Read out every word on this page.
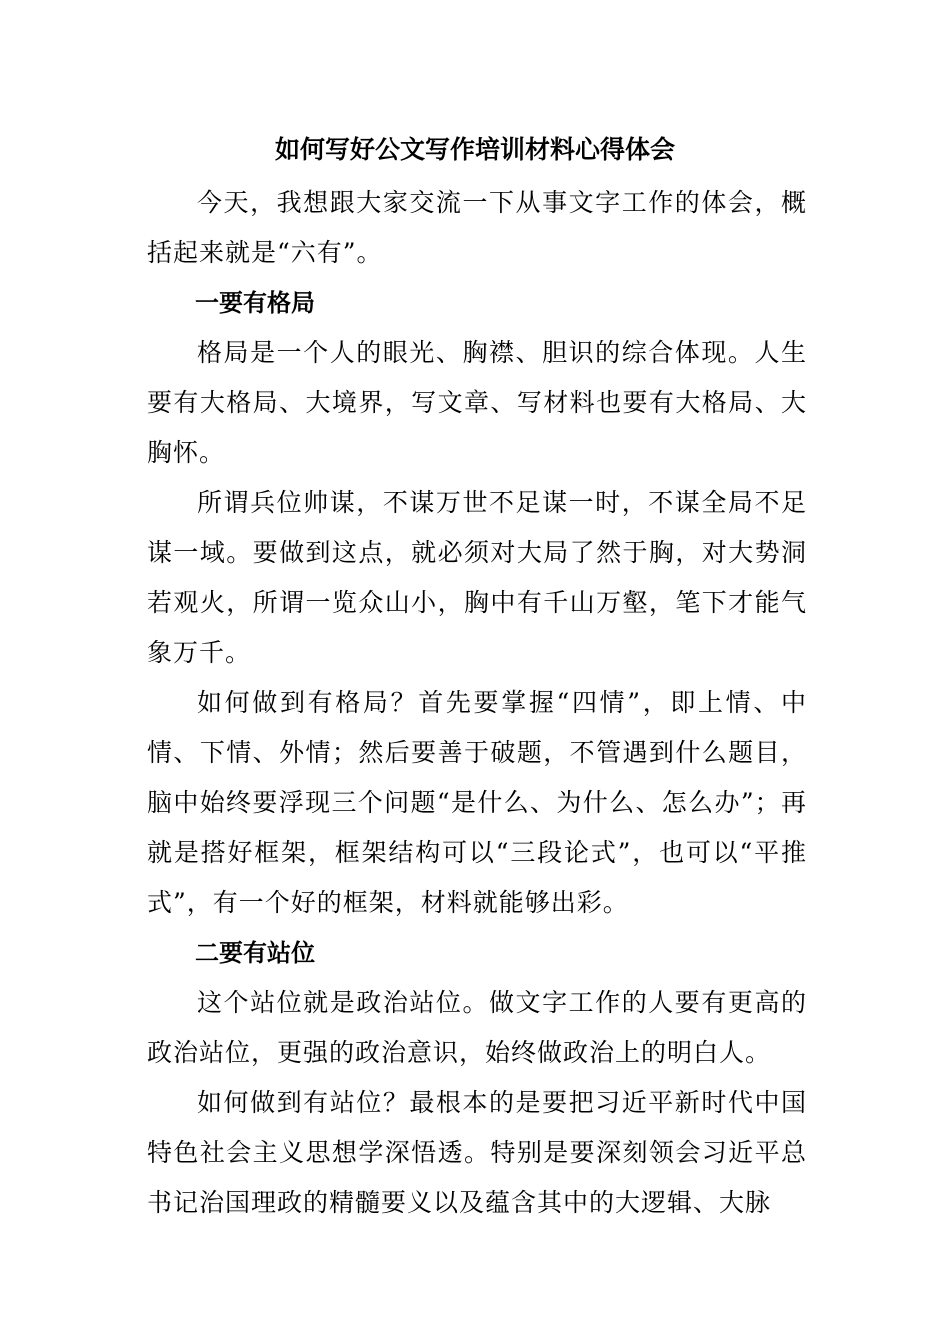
如何写好公文写作培训材料心得体会

今天，我想跟大家交流一下从事文字工作的体会，概括起来就是“六有”。

一要有格局

格局是一个人的眼光、胸襟、胆识的综合体现。人生要有大格局、大境界，写文章、写材料也要有大格局、大胸怀。

所谓兵位帅谋，不谋万世不足谋一时，不谋全局不足谋一域。要做到这点，就必须对大局了然于胸，对大势洞若观火，所谓一览众山小，胸中有千山万壑，笔下才能气象万千。

如何做到有格局？首先要掌握“四情”，即上情、中情、下情、外情；然后要善于破题，不管遇到什么题目，脑中始终要浮现三个问题“是什么、为什么、怎么办”；再就是搭好框架，框架结构可以“三段论式”，也可以“平推式”，有一个好的框架，材料就能够出彩。

二要有站位

这个站位就是政治站位。做文字工作的人要有更高的政治站位，更强的政治意识，始终做政治上的明白人。

如何做到有站位？最根本的是要把习近平新时代中国特色社会主义思想学深悟透。特别是要深刻领会习近平总书记治国理政的精髓要义以及蕴含其中的大逻辑、大脉
